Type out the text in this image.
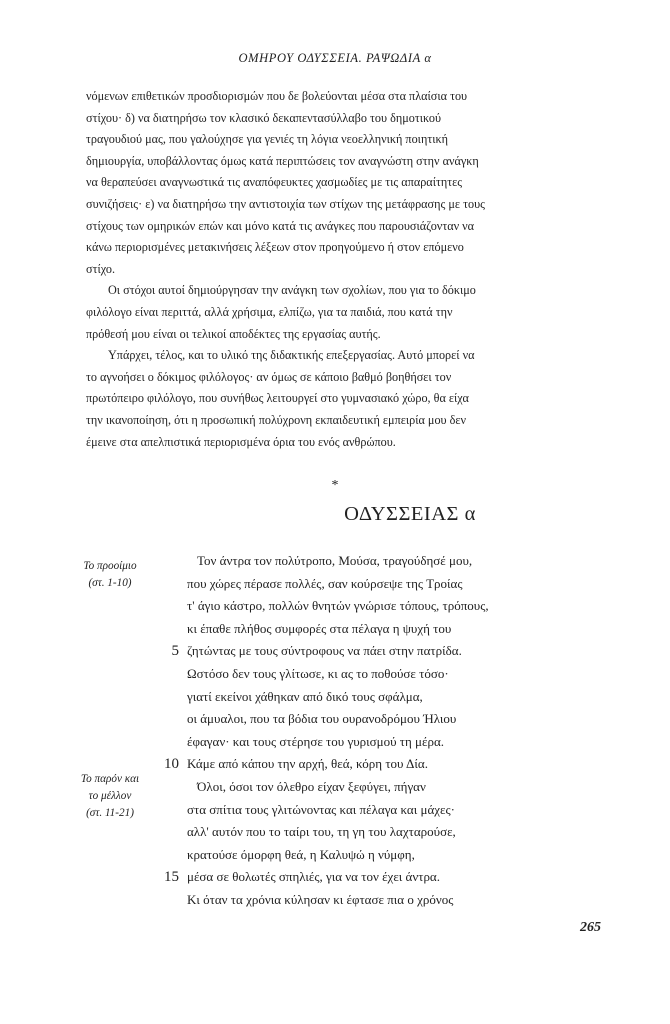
ΟΜΗΡΟΥ ΟΔΥΣΣΕΙΑ. ΡΑΨΩΔΙΑ α
νόμενων επιθετικών προσδιορισμών που δε βολεύονται μέσα στα πλαίσια του
στίχου· δ) να διατηρήσω τον κλασικό δεκαπεντασύλλαβο του δημοτικού
τραγουδιού μας, που γαλούχησε για γενιές τη λόγια νεοελληνική ποιητική
δημιουργία, υποβάλλοντας όμως κατά περιπτώσεις τον αναγνώστη στην ανάγκη
να θεραπεύσει αναγνωστικά τις αναπόφευκτες χασμωδίες με τις απαραίτητες
συνιζήσεις· ε) να διατηρήσω την αντιστοιχία των στίχων της μετάφρασης με τους
στίχους των ομηρικών επών και μόνο κατά τις ανάγκες που παρουσιάζονταν να
κάνω περιορισμένες μετακινήσεις λέξεων στον προηγούμενο ή στον επόμενο
στίχο.
Οι στόχοι αυτοί δημιούργησαν την ανάγκη των σχολίων, που για το δόκιμο
φιλόλογο είναι περιττά, αλλά χρήσιμα, ελπίζω, για τα παιδιά, που κατά την
πρόθεσή μου είναι οι τελικοί αποδέκτες της εργασίας αυτής.
Υπάρχει, τέλος, και το υλικό της διδακτικής επεξεργασίας. Αυτό μπορεί να
το αγνοήσει ο δόκιμος φιλόλογος· αν όμως σε κάποιο βαθμό βοηθήσει τον
πρωτόπειρο φιλόλογο, που συνήθως λειτουργεί στο γυμνασιακό χώρο, θα είχα
την ικανοποίηση, ότι η προσωπική πολύχρονη εκπαιδευτική εμπειρία μου δεν
έμεινε στα απελπιστικά περιορισμένα όρια του ενός ανθρώπου.
*
ΟΔΥΣΣΕΙΑΣ α
Το προοίμιο
(στ. 1-10)
Το παρόν και
το μέλλον
(στ. 11-21)
Τον άντρα τον πολύτροπο, Μούσα, τραγούδησέ μου,
που χώρες πέρασε πολλές, σαν κούρσεψε της Τροίας
τ' άγιο κάστρο, πολλών θνητών γνώρισε τόπους, τρόπους,
κι έπαθε πλήθος συμφορές στα πέλαγα η ψυχή του
5 ζητώντας με τους σύντροφους να πάει στην πατρίδα.
Ωστόσο δεν τους γλίτωσε, κι ας το ποθούσε τόσο·
γιατί εκείνοι χάθηκαν από δικό τους σφάλμα,
οι άμυαλοι, που τα βόδια του ουρανοδρόμου Ήλιου
έφαγαν· και τους στέρησε του γυρισμού τη μέρα.
10 Κάμε από κάπου την αρχή, θεά, κόρη του Δία.
Όλοι, όσοι τον όλεθρο είχαν ξεφύγει, πήγαν
στα σπίτια τους γλιτώνοντας και πέλαγα και μάχες·
αλλ' αυτόν που το ταίρι του, τη γη του λαχταρούσε,
κρατούσε όμορφη θεά, η Καλυψώ η νύμφη,
15 μέσα σε θολωτές σπηλιές, για να τον έχει άντρα.
Κι όταν τα χρόνια κύλησαν κι έφτασε πια ο χρόνος
265
